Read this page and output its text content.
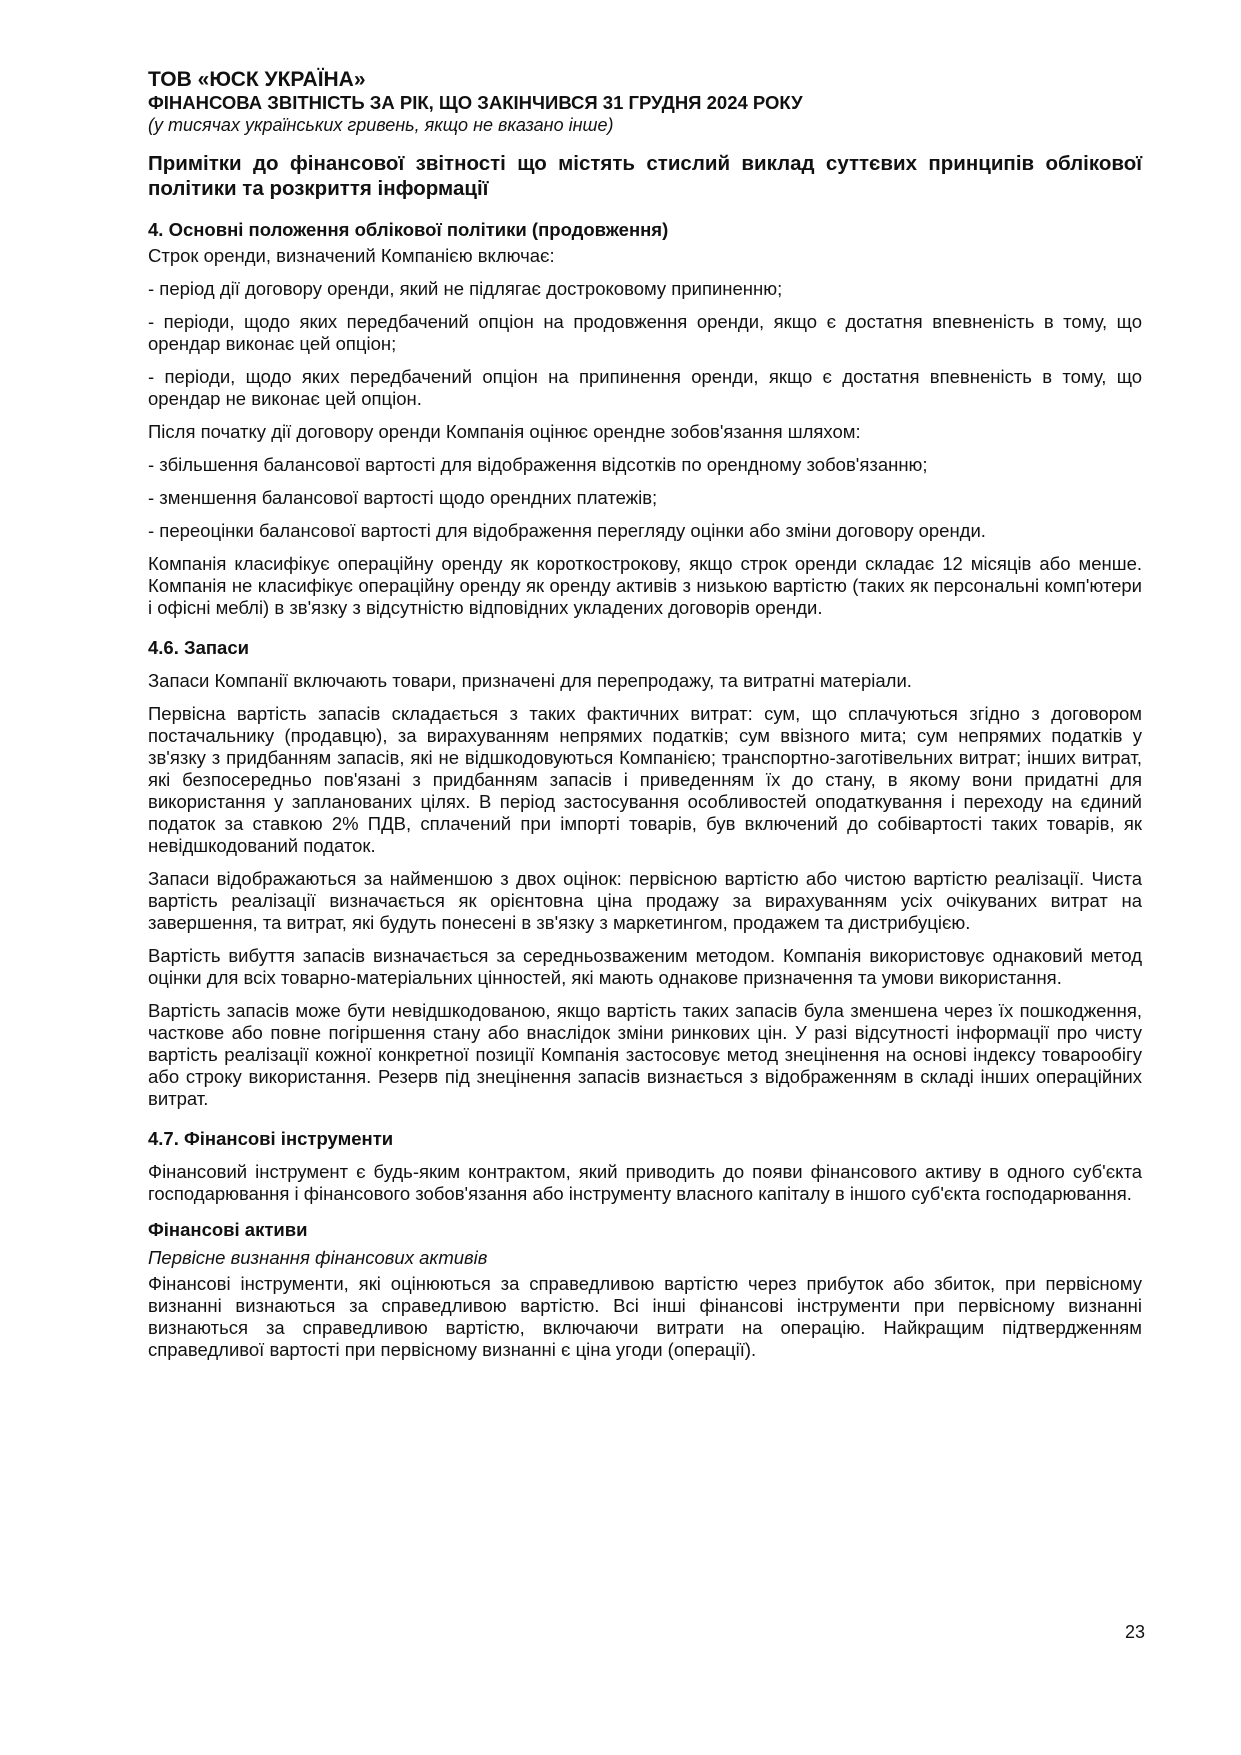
ТОВ «ЮСК УКРАЇНА»
ФІНАНСОВА ЗВІТНІСТЬ ЗА РІК, ЩО ЗАКІНЧИВСЯ 31 ГРУДНЯ 2024 РОКУ
(у тисячах українських гривень, якщо не вказано інше)
Примітки до фінансової звітності що містять стислий виклад суттєвих принципів облікової політики та розкриття інформації
4. Основні положення облікової політики (продовження)

Строк оренди, визначений Компанією включає:

- період дії договору оренди, який не підлягає достроковому припиненню;

- періоди, щодо яких передбачений опціон на продовження оренди, якщо є достатня впевненість в тому, що орендар виконає цей опціон;

- періоди, щодо яких передбачений опціон на припинення оренди, якщо є достатня впевненість в тому, що орендар не виконає цей опціон.

Після початку дії договору оренди Компанія оцінює орендне зобов'язання шляхом:

- збільшення балансової вартості для відображення відсотків по орендному зобов'язанню;

- зменшення балансової вартості щодо орендних платежів;

- переоцінки балансової вартості для відображення перегляду оцінки або зміни договору оренди.

Компанія класифікує операційну оренду як короткострокову, якщо строк оренди складає 12 місяців або менше. Компанія не класифікує операційну оренду як оренду активів з низькою вартістю (таких як персональні комп'ютери і офісні меблі) в зв'язку з відсутністю відповідних укладених договорів оренди.

4.6. Запаси

Запаси Компанії включають товари, призначені для перепродажу, та витратні матеріали.

Первісна вартість запасів складається з таких фактичних витрат: сум, що сплачуються згідно з договором постачальнику (продавцю), за вирахуванням непрямих податків; сум ввізного мита; сум непрямих податків у зв'язку з придбанням запасів, які не відшкодовуються Компанією; транспортно-заготівельних витрат; інших витрат, які безпосередньо пов'язані з придбанням запасів і приведенням їх до стану, в якому вони придатні для використання у запланованих цілях. В період застосування особливостей оподаткування і переходу на єдиний податок за ставкою 2% ПДВ, сплачений при імпорті товарів, був включений до собівартості таких товарів, як невідшкодований податок.

Запаси відображаються за найменшою з двох оцінок: первісною вартістю або чистою вартістю реалізації. Чиста вартість реалізації визначається як орієнтовна ціна продажу за вирахуванням усіх очікуваних витрат на завершення, та витрат, які будуть понесені в зв'язку з маркетингом, продажем та дистрибуцією.

Вартість вибуття запасів визначається за середньозваженим методом. Компанія використовує однаковий метод оцінки для всіх товарно-матеріальних цінностей, які мають однакове призначення та умови використання.

Вартість запасів може бути невідшкодованою, якщо вартість таких запасів була зменшена через їх пошкодження, часткове або повне погіршення стану або внаслідок зміни ринкових цін. У разі відсутності інформації про чисту вартість реалізації кожної конкретної позиції Компанія застосовує метод знецінення на основі індексу товарообігу або строку використання. Резерв під знецінення запасів визнається з відображенням в складі інших операційних витрат.

4.7. Фінансові інструменти

Фінансовий інструмент є будь-яким контрактом, який приводить до появи фінансового активу в одного суб'єкта господарювання і фінансового зобов'язання або інструменту власного капіталу в іншого суб'єкта господарювання.

Фінансові активи

Первісне визнання фінансових активів

Фінансові інструменти, які оцінюються за справедливою вартістю через прибуток або збиток, при первісному визнанні визнаються за справедливою вартістю. Всі інші фінансові інструменти при первісному визнанні визнаються за справедливою вартістю, включаючи витрати на операцію. Найкращим підтвердженням справедливої вартості при первісному визнанні є ціна угоди (операції).

23
